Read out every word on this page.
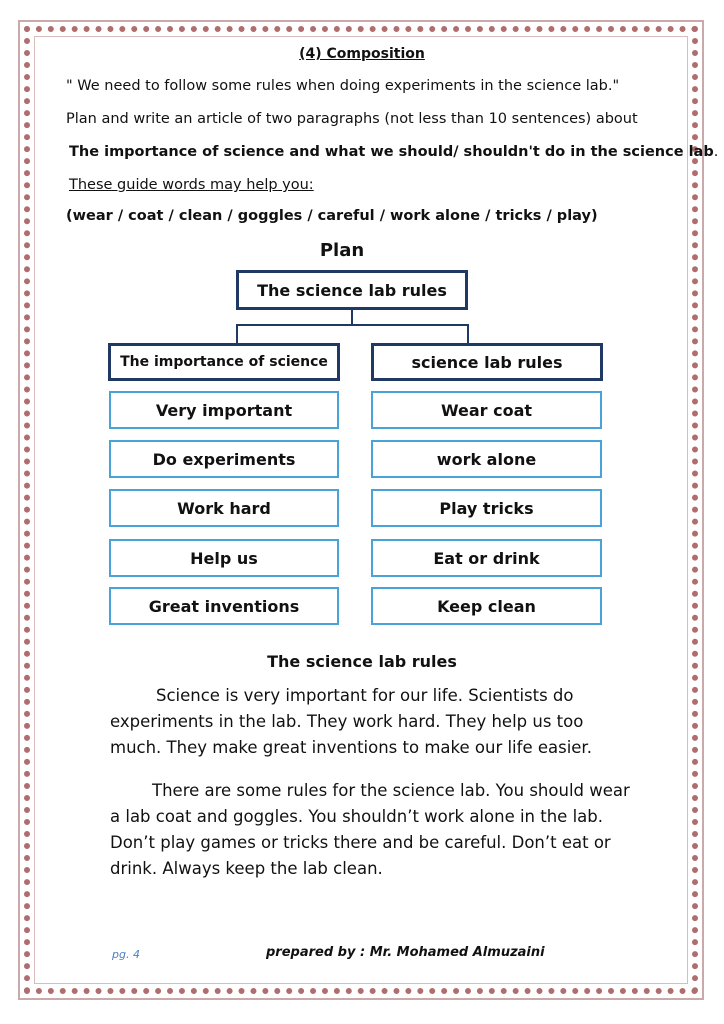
(4) Composition
" We need to follow some rules when doing experiments in the science lab."
Plan and write an article of two paragraphs (not less than 10 sentences) about
The importance of science and what we should/ shouldn't do in the science lab.
These guide words may help you:
(wear / coat / clean / goggles / careful / work alone / tricks / play)
Plan
The science lab rules
The importance of science	science lab rules
Very important
Do experiments
Work hard
Help us
Great inventions
Wear coat
work alone
Play tricks
Eat or drink
Keep clean
The science lab rules
Science is very important for our life. Scientists do experiments in the lab. They work hard. They help us too much. They make great inventions to make our life easier.
There are some rules for the science lab. You should wear a lab coat and goggles. You shouldn’t work alone in the lab. Don’t play games or tricks there and be careful. Don’t eat or drink. Always keep the lab clean.
pg. 4	prepared by : Mr. Mohamed Almuzaini
